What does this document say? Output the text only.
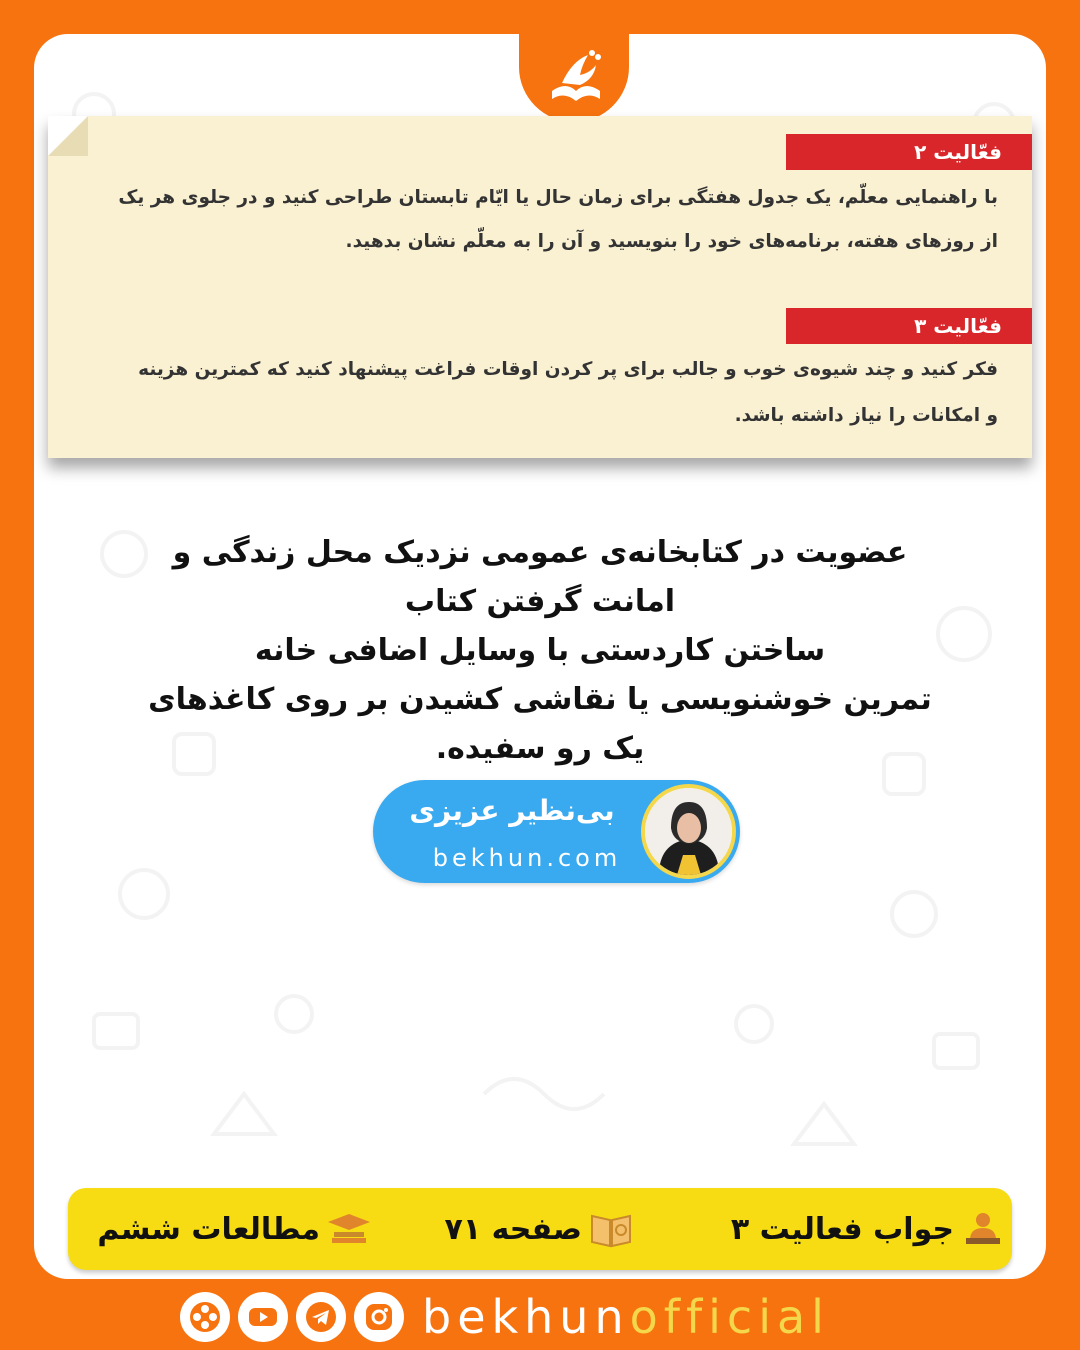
فعّالیت ۲
با راهنمایی معلّم، یک جدول هفتگی برای زمان حال یا ایّام تابستان طراحی کنید و در جلوی هر یک
از روزهای هفته، برنامه‌های خود را بنویسید و آن را به معلّم نشان بدهید.
فعّالیت ۳
فکر کنید و چند شیوه‌ی خوب و جالب برای پر کردن اوقات فراغت پیشنهاد کنید که کمترین هزینه
و امکانات را نیاز داشته باشد.
عضویت در کتابخانه‌ی عمومی نزدیک محل زندگی و
امانت گرفتن کتاب
ساختن کاردستی با وسایل اضافی خانه
تمرین خوشنویسی یا نقاشی کشیدن بر روی کاغذهای
یک رو سفیده.
بی‌نظیر عزیزی
bekhun.com
جواب فعالیت ۳
صفحه ۷۱
مطالعات ششم
bekhunofficial
